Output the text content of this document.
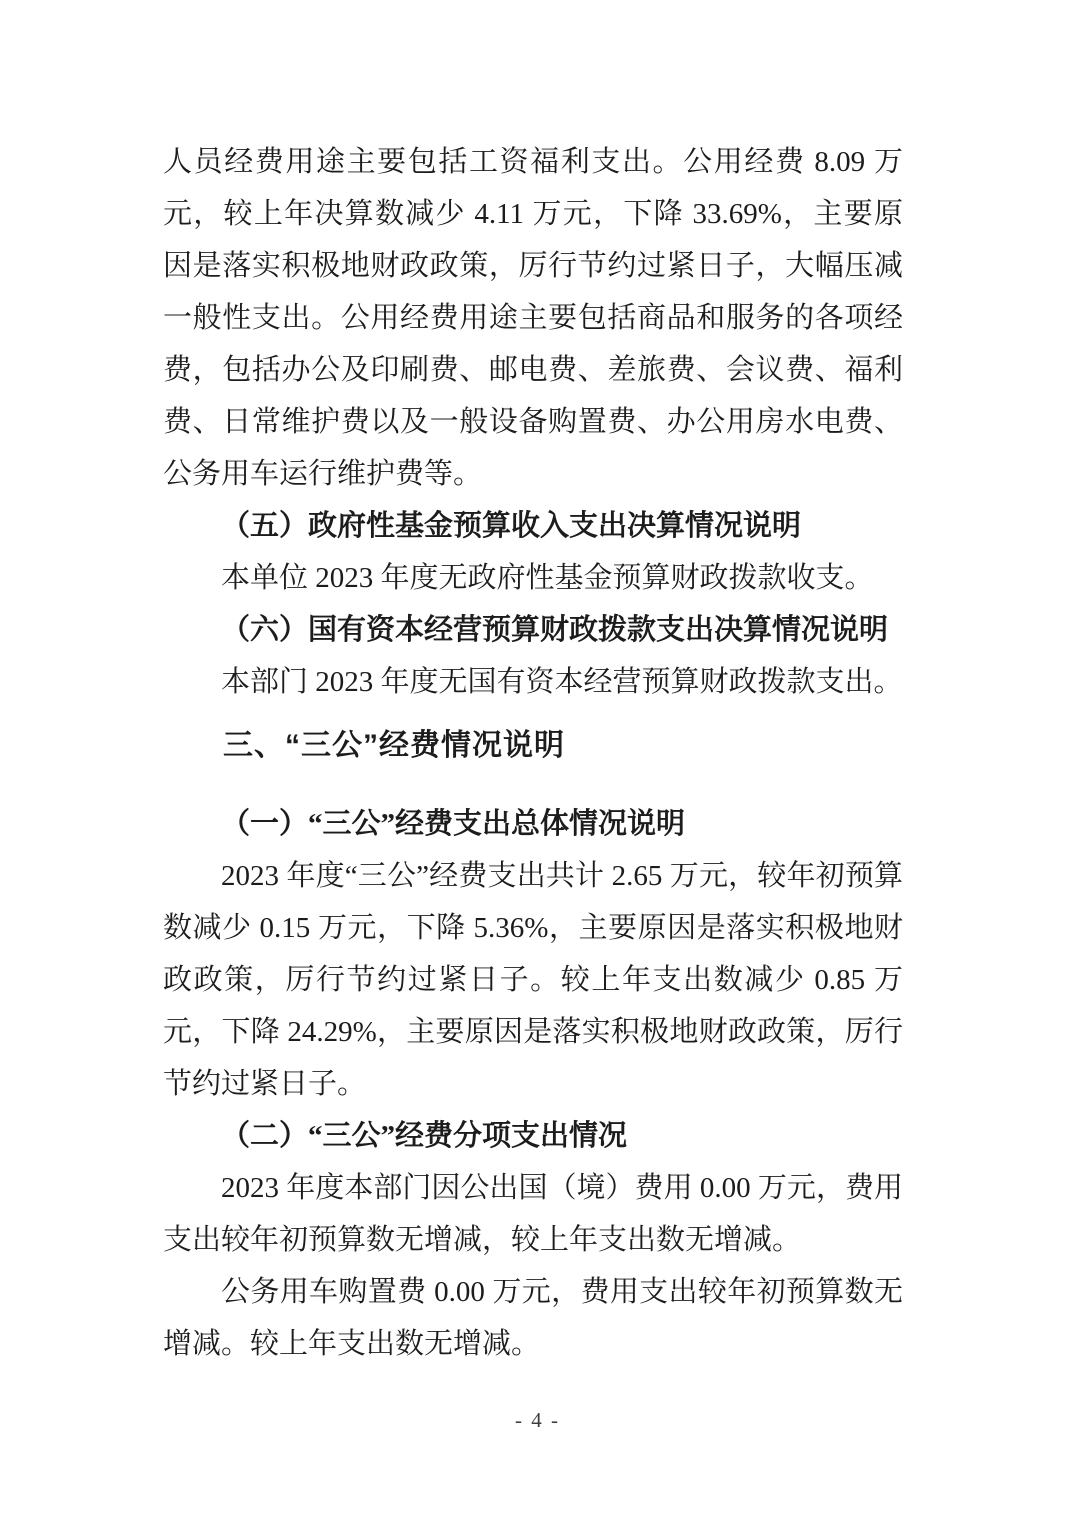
人员经费用途主要包括工资福利支出。公用经费 8.09 万元，较上年决算数减少 4.11 万元，下降 33.69%，主要原因是落实积极地财政政策，厉行节约过紧日子，大幅压减一般性支出。公用经费用途主要包括商品和服务的各项经费，包括办公及印刷费、邮电费、差旅费、会议费、福利费、日常维护费以及一般设备购置费、办公用房水电费、公务用车运行维护费等。

（五）政府性基金预算收入支出决算情况说明

本单位 2023 年度无政府性基金预算财政拨款收支。

（六）国有资本经营预算财政拨款支出决算情况说明

本部门 2023 年度无国有资本经营预算财政拨款支出。

三、“三公”经费情况说明
（一）“三公”经费支出总体情况说明

2023 年度“三公”经费支出共计 2.65 万元，较年初预算数减少 0.15 万元，下降 5.36%，主要原因是落实积极地财政政策，厉行节约过紧日子。较上年支出数减少 0.85 万元，下降 24.29%，主要原因是落实积极地财政政策，厉行节约过紧日子。

（二）“三公”经费分项支出情况

2023 年度本部门因公出国（境）费用 0.00 万元，费用支出较年初预算数无增减，较上年支出数无增减。

公务用车购置费 0.00 万元，费用支出较年初预算数无增减。较上年支出数无增减。

- 4 -
